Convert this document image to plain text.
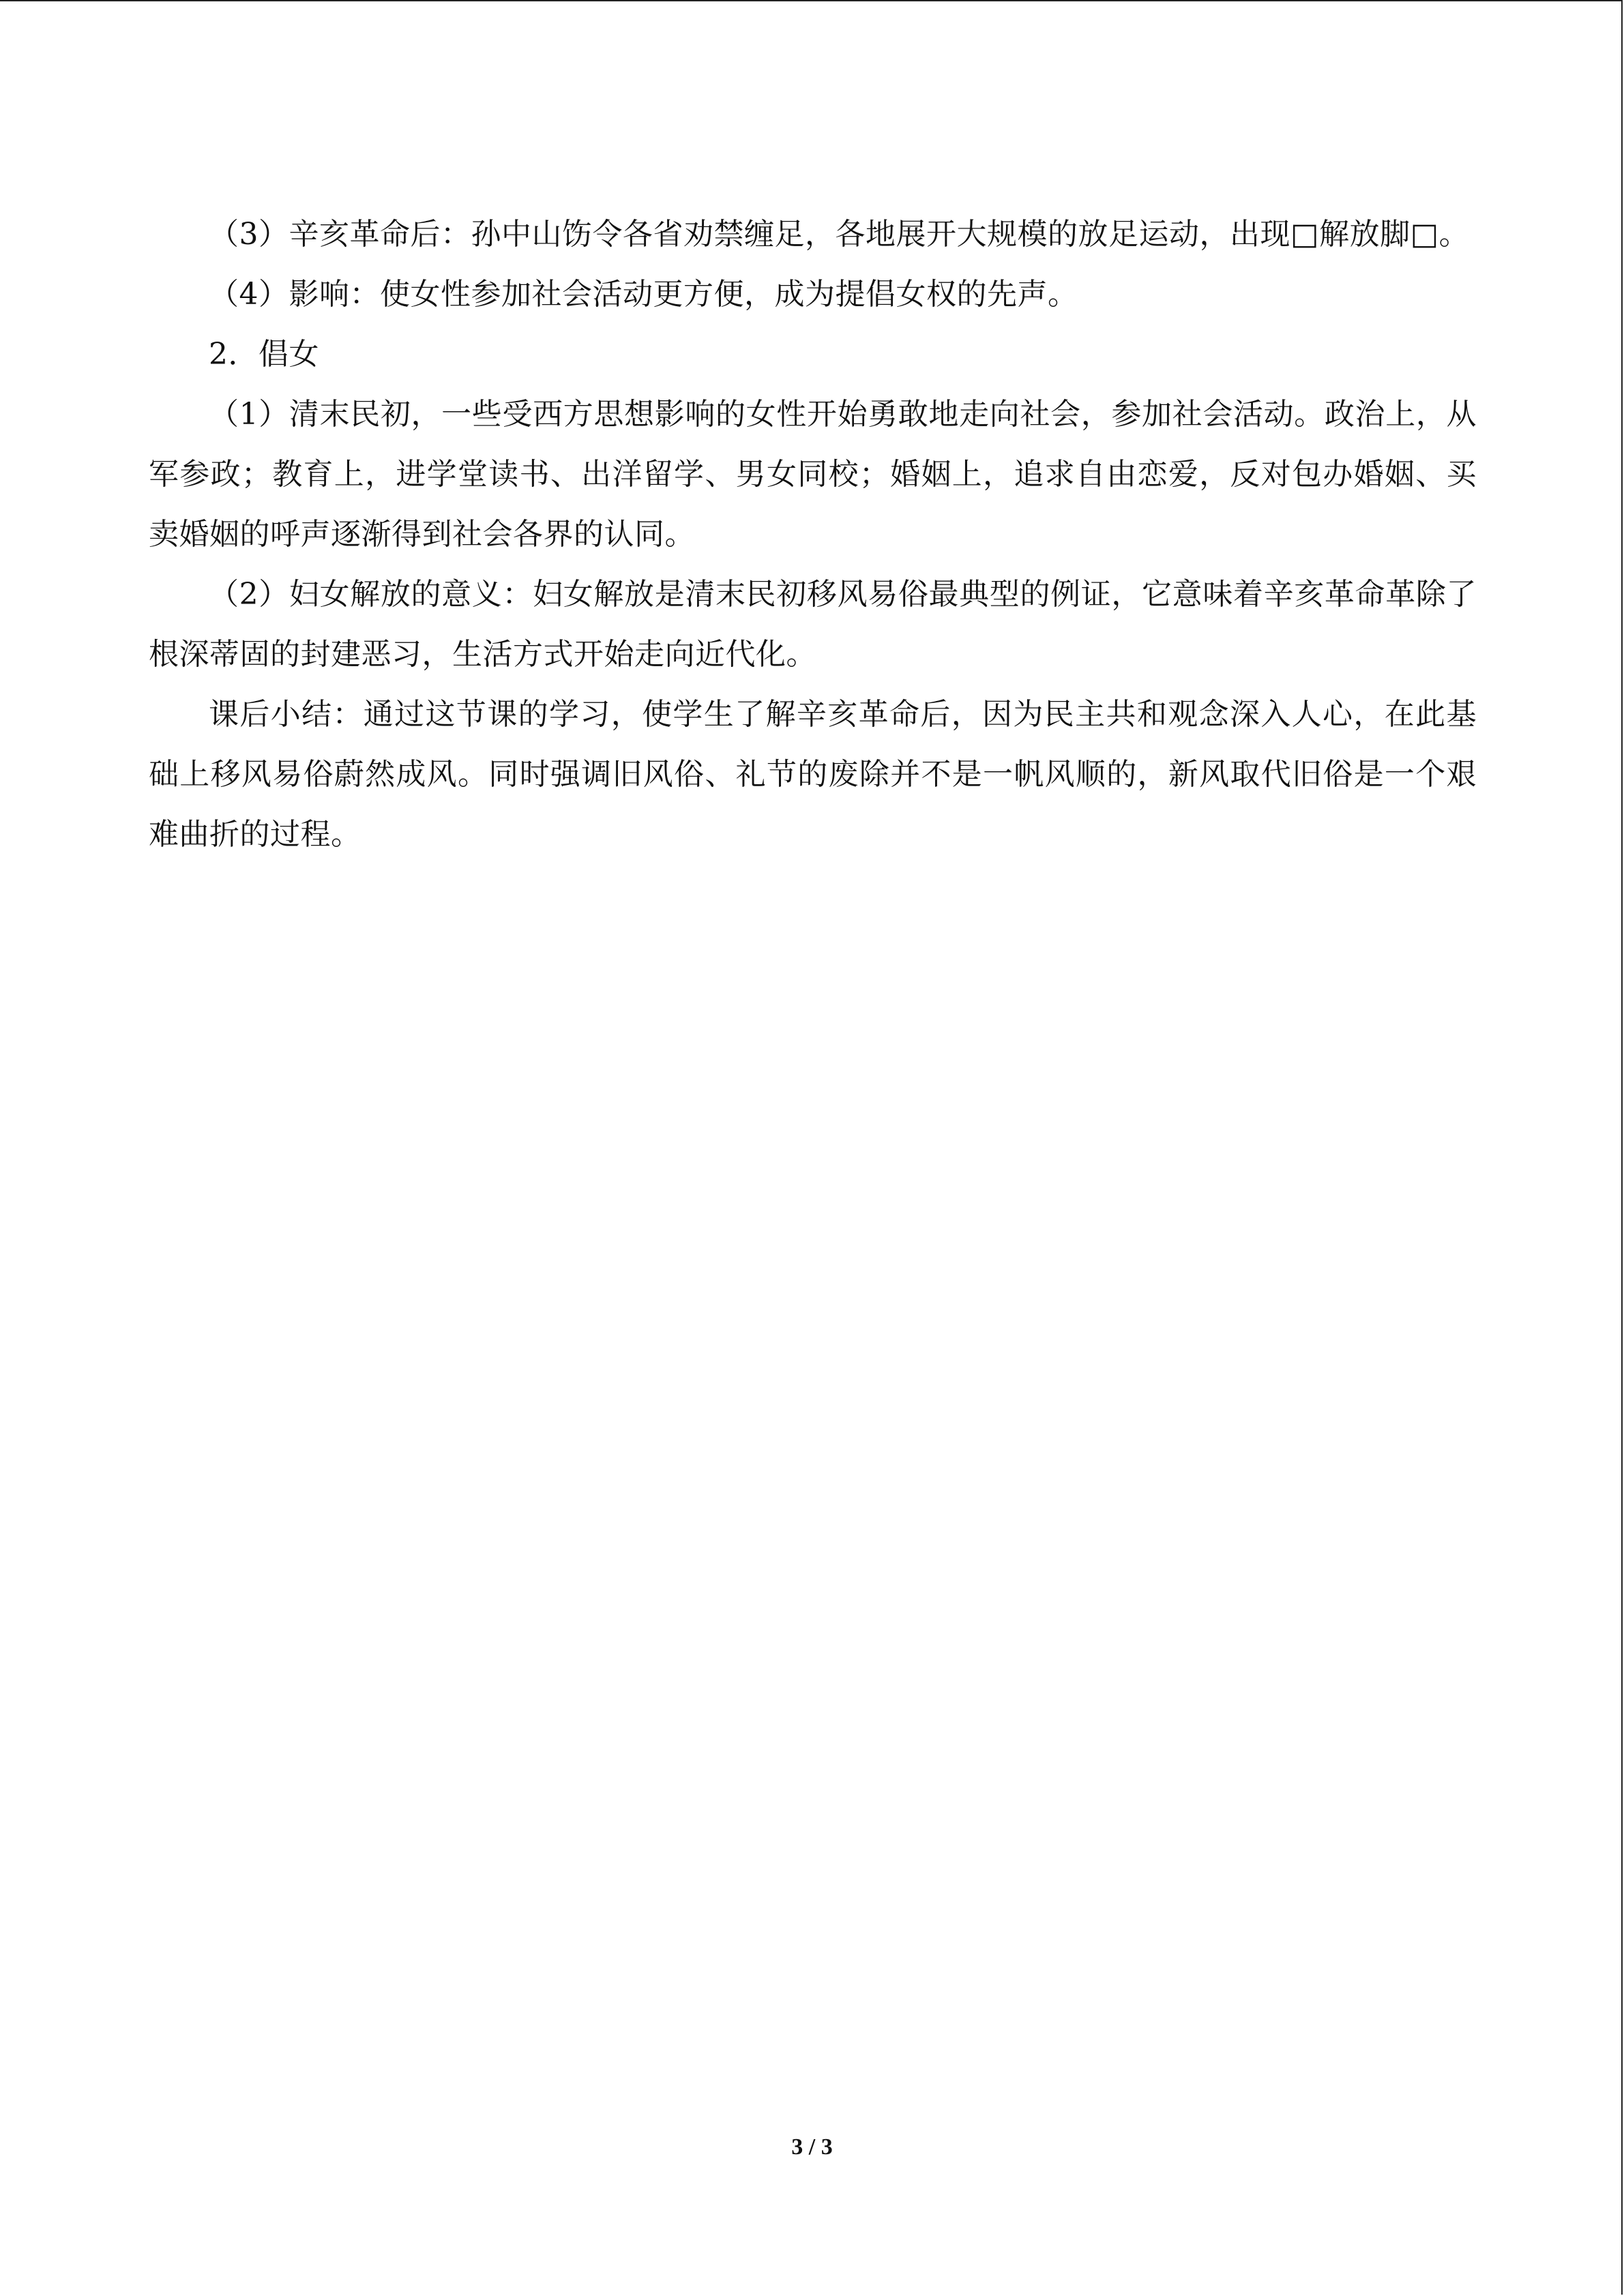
（3）辛亥革命后：孙中山饬令各省劝禁缠足，各地展开大规模的放足运动，出现□解放脚□。

（4）影响：使女性参加社会活动更方便，成为提倡女权的先声。

2．倡女

（1）清末民初，一些受西方思想影响的女性开始勇敢地走向社会，参加社会活动。政治上，从军参政；教育上，进学堂读书、出洋留学、男女同校；婚姻上，追求自由恋爱，反对包办婚姻、买卖婚姻的呼声逐渐得到社会各界的认同。

（2）妇女解放的意义：妇女解放是清末民初移风易俗最典型的例证，它意味着辛亥革命革除了根深蒂固的封建恶习，生活方式开始走向近代化。

课后小结：通过这节课的学习，使学生了解辛亥革命后，因为民主共和观念深入人心，在此基础上移风易俗蔚然成风。同时强调旧风俗、礼节的废除并不是一帆风顺的，新风取代旧俗是一个艰难曲折的过程。

3 / 3
